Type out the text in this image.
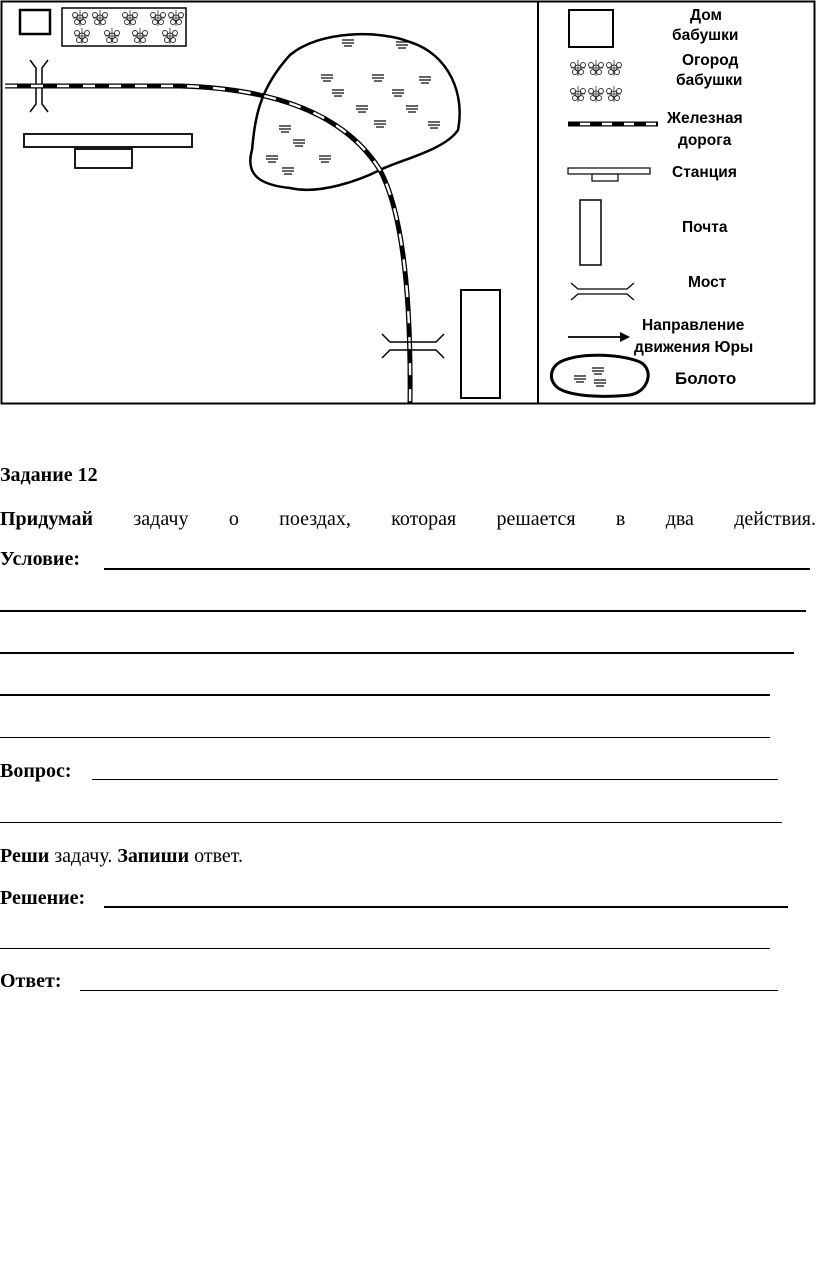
Дом бабушки
Огород бабушки
Железная дорога
Станция
Почта
Мост
Направление движения Юры
Болото
Задание 12
Придумай задачу о поездах, которая решается в два действия.
Условие:
Вопрос:
Реши задачу. Запиши ответ.
Решение:
Ответ:
